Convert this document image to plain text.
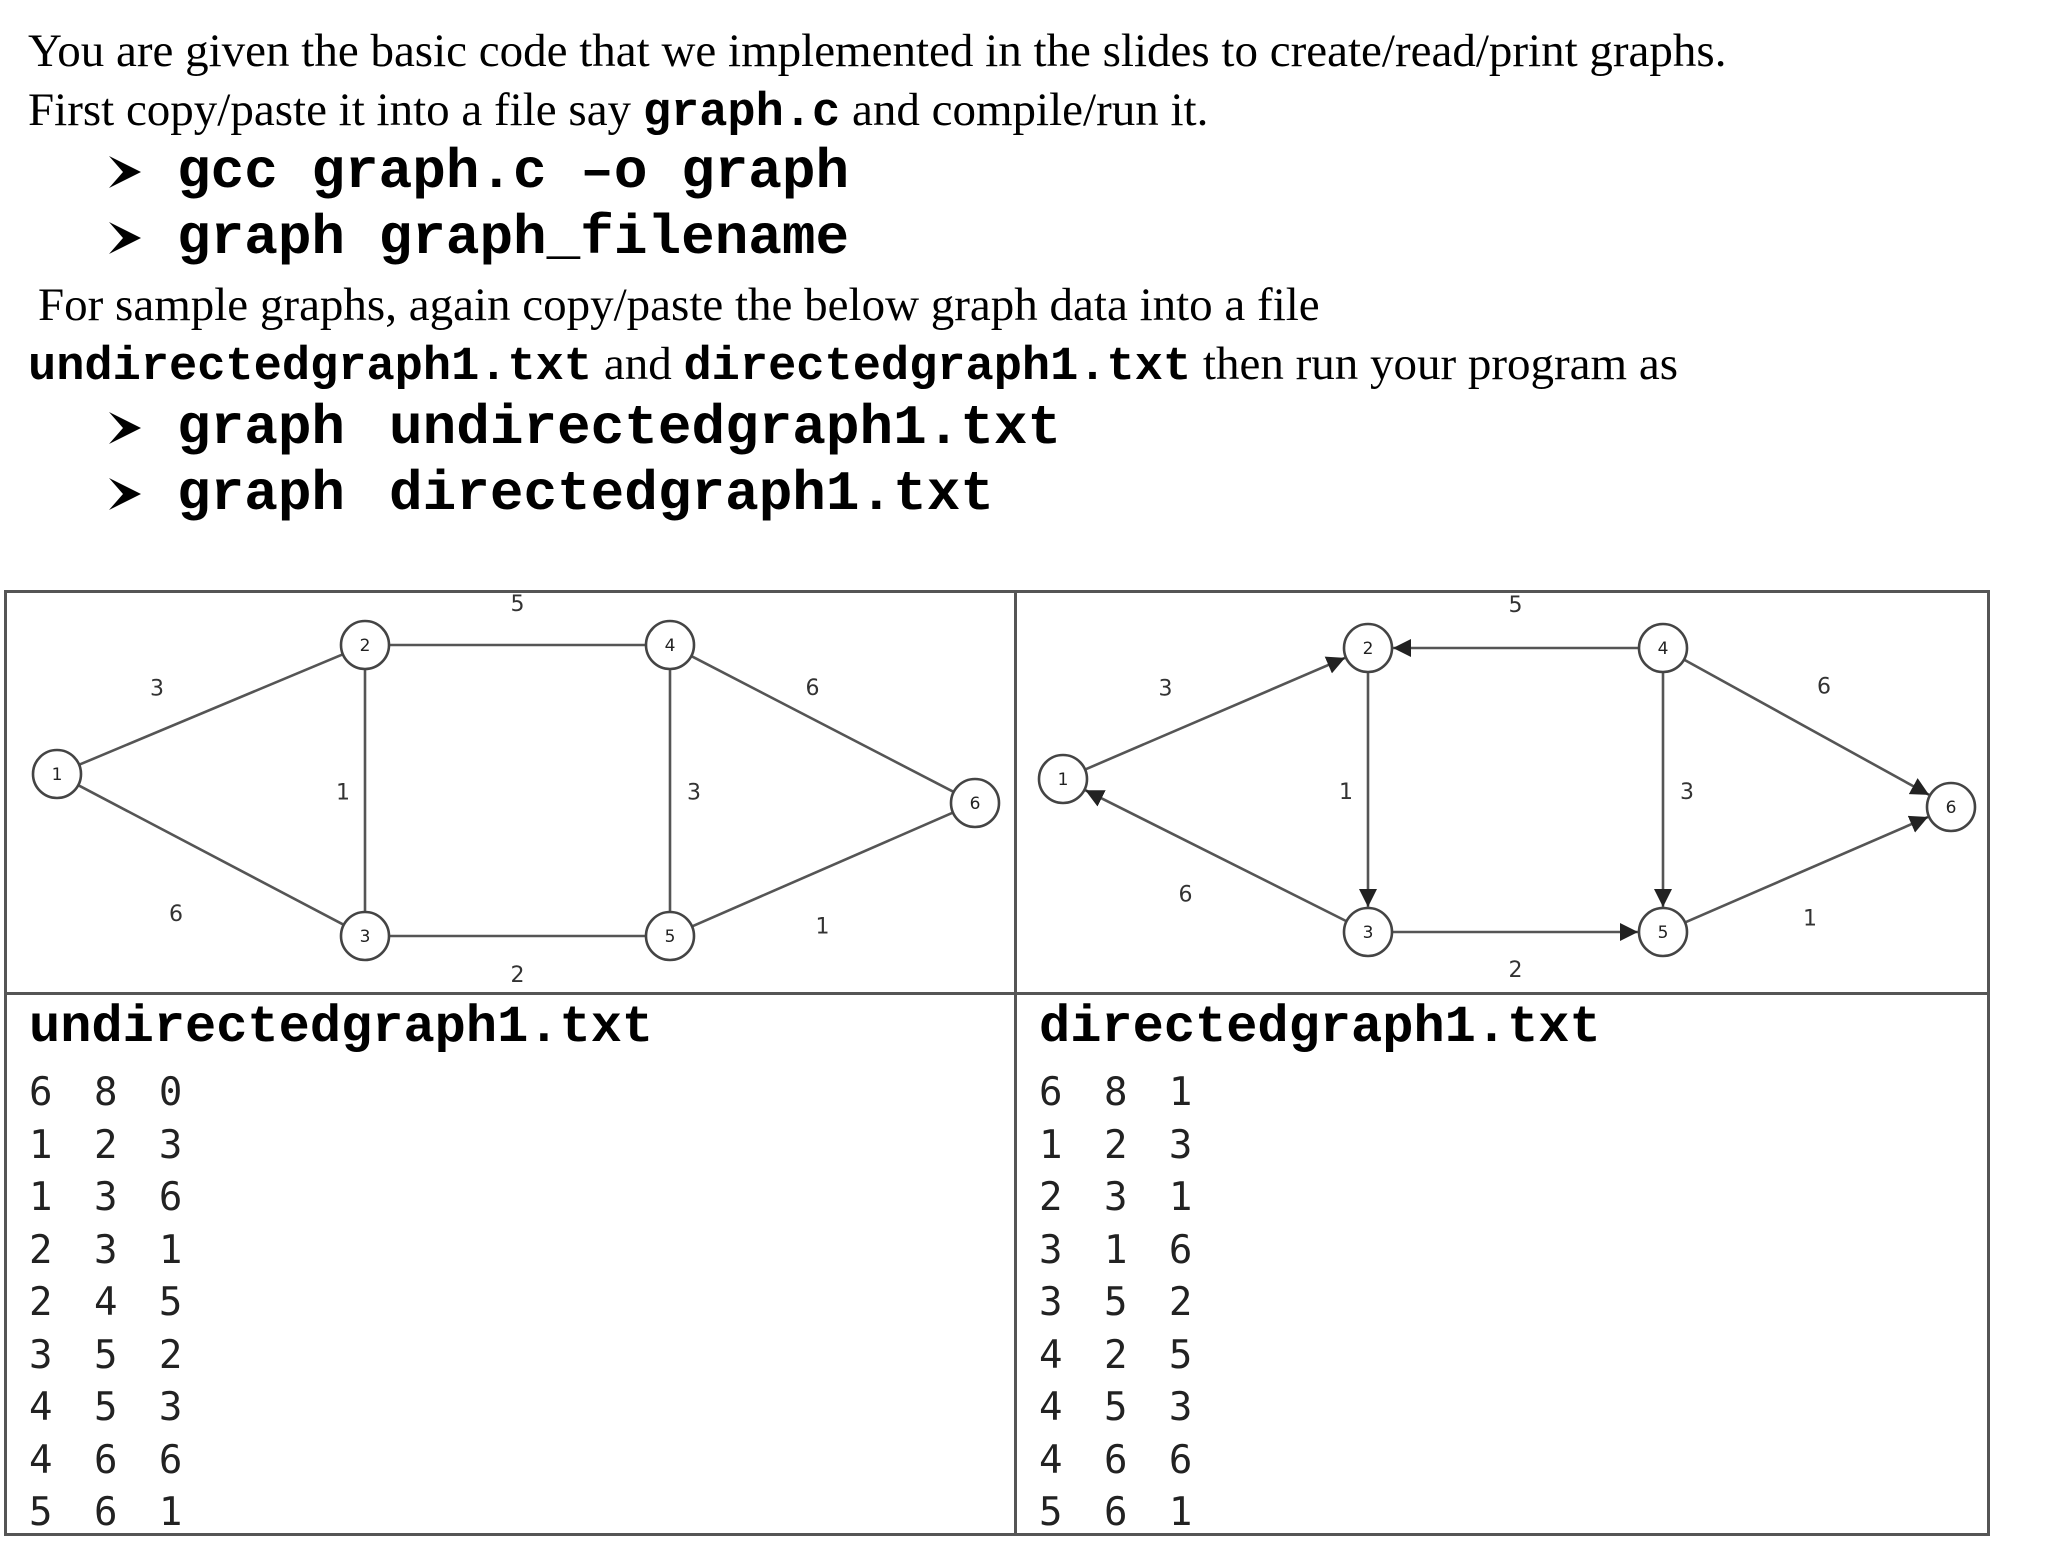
You are given the basic code that we implemented in the slides to create/read/print graphs.
First copy/paste it into a file say graph.c and compile/run it.
gcc graph.c –o graph
graph graph_filename
For sample graphs, again copy/paste the below graph data into a file
undirectedgraph1.txt and directedgraph1.txt then run your program as
graph undirectedgraph1.txt
graph directedgraph1.txt
3
6
1
5
2
3
6
1
1
2
3
4
5
6
3
1
6
2
5
3
6
1
1
2
3
4
5
6
undirectedgraph1.txt
6 8 0
1 2 3
1 3 6
2 3 1
2 4 5
3 5 2
4 5 3
4 6 6
5 6 1
directedgraph1.txt
6 8 1
1 2 3
2 3 1
3 1 6
3 5 2
4 2 5
4 5 3
4 6 6
5 6 1
